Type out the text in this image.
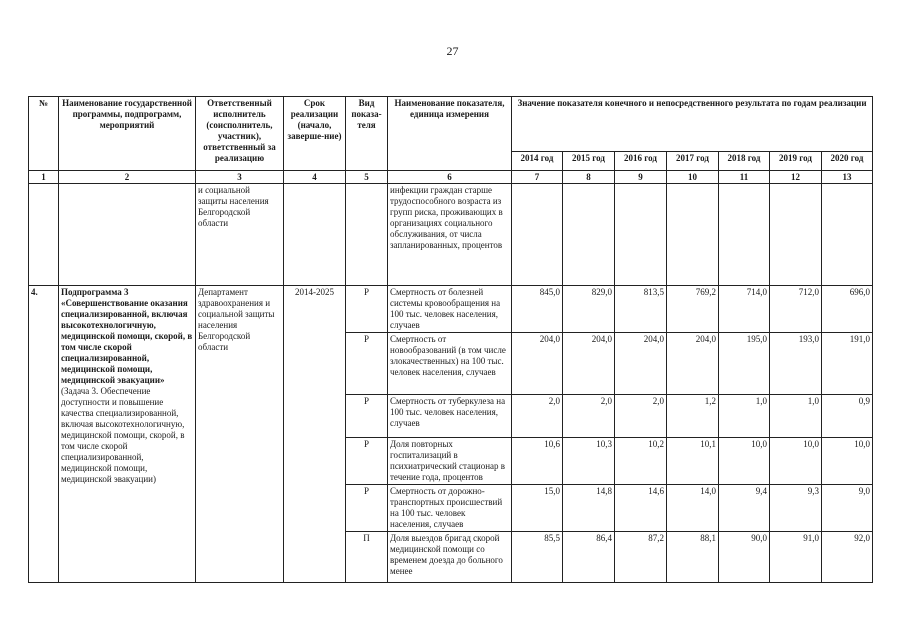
27
№	Наименование государственной программы, подпрограмм, мероприятий	Ответственный исполнитель (соисполнитель, участник), ответственный за реализацию	Срок реализации (начало, заверше-ние)	Вид показа-теля	Наименование показателя, единица измерения	Значение показателя конечного и непосредственного результата по годам реализации						
						2014 год	2015 год	2016 год	2017 год	2018 год	2019 год	2020 год
1	2	3	4	5	6	7	8	9	10	11	12	13
		и социальной защиты населения Белгородской области			инфекции граждан старше трудоспособного возраста из групп риска, проживающих в организациях социального обслуживания, от числа запланированных, процентов							
4.	Подпрограмма 3 «Совершенствование оказания специализированной, включая высокотехнологичную, медицинской помощи, скорой, в том числе скорой специализированной, медицинской помощи, медицинской эвакуации» (Задача 3. Обеспечение доступности и повышение качества специализированной, включая высокотехнологичную, медицинской помощи, скорой, в том числе скорой специализированной, медицинской помощи, медицинской эвакуации)	Департамент здравоохранения и социальной защиты населения Белгородской области	2014-2025	Р	Смертность от болезней системы кровообращения на 100 тыс. человек населения, случаев	845,0	829,0	813,5	769,2	714,0	712,0	696,0
				Р	Смертность от новообразований (в том числе злокачественных) на 100 тыс. человек населения, случаев	204,0	204,0	204,0	204,0	195,0	193,0	191,0
				Р	Смертность от туберкулеза на 100 тыс. человек населения, случаев	2,0	2,0	2,0	1,2	1,0	1,0	0,9
				Р	Доля повторных госпитализаций в психиатрический стационар в течение года, процентов	10,6	10,3	10,2	10,1	10,0	10,0	10,0
				Р	Смертность от дорожно-транспортных происшествий на 100 тыс. человек населения, случаев	15,0	14,8	14,6	14,0	9,4	9,3	9,0
				П	Доля выездов бригад скорой медицинской помощи со временем доезда до больного менее	85,5	86,4	87,2	88,1	90,0	91,0	92,0
